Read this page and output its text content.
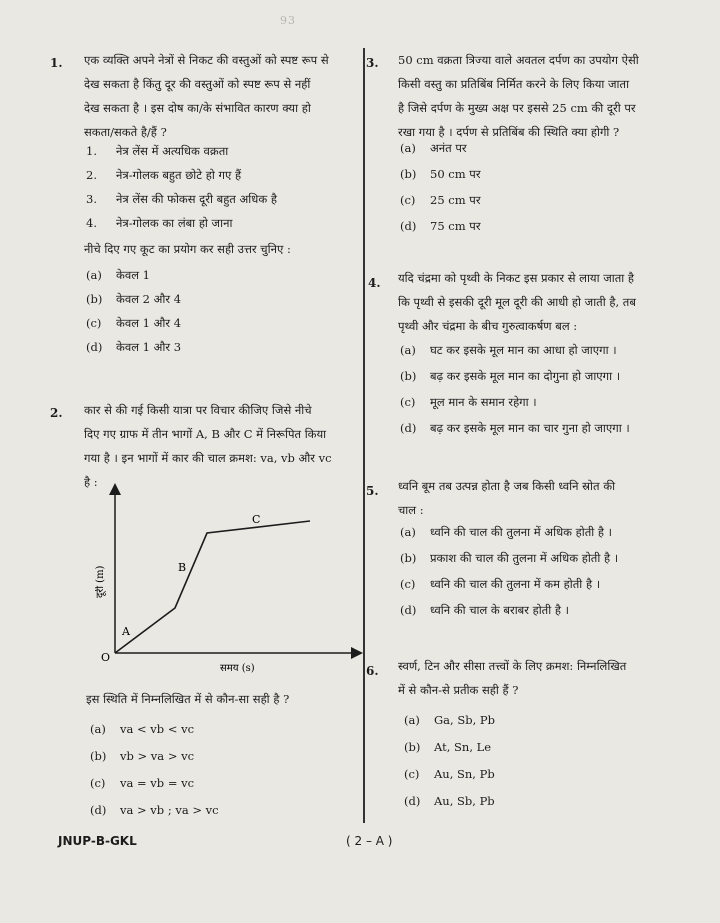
93
1. एक व्यक्ति अपने नेत्रों से निकट की वस्तुओं को स्पष्ट रूप से
देख सकता है किंतु दूर की वस्तुओं को स्पष्ट रूप से नहीं
देख सकता है । इस दोष का/के संभावित कारण क्या हो
सकता/सकते है/हैं ?
1. नेत्र लेंस में अत्यधिक वक्रता
2. नेत्र-गोलक बहुत छोटे हो गए हैं
3. नेत्र लेंस की फोकस दूरी बहुत अधिक है
4. नेत्र-गोलक का लंबा हो जाना
नीचे दिए गए कूट का प्रयोग कर सही उत्तर चुनिए :
(a) केवल 1
(b) केवल 2 और 4
(c) केवल 1 और 4
(d) केवल 1 और 3
2. कार से की गई किसी यात्रा पर विचार कीजिए जिसे नीचे
दिए गए ग्राफ में तीन भागों A, B और C में निरूपित किया
गया है । इन भागों में कार की चाल क्रमश: va, vb और vc
है :
O
A
B
C
समय (s)
दूरी (m)
इस स्थिति में निम्नलिखित में से कौन-सा सही है ?
(a) va < vb < vc
(b) vb > va > vc
(c) va = vb = vc
(d) va > vb ; va > vc
3. 50 cm वक्रता त्रिज्या वाले अवतल दर्पण का उपयोग ऐसी
किसी वस्तु का प्रतिबिंब निर्मित करने के लिए किया जाता
है जिसे दर्पण के मुख्य अक्ष पर इससे 25 cm की दूरी पर
रखा गया है । दर्पण से प्रतिबिंब की स्थिति क्या होगी ?
(a) अनंत पर
(b) 50 cm पर
(c) 25 cm पर
(d) 75 cm पर
4. यदि चंद्रमा को पृथ्वी के निकट इस प्रकार से लाया जाता है
कि पृथ्वी से इसकी दूरी मूल दूरी की आधी हो जाती है, तब
पृथ्वी और चंद्रमा के बीच गुरुत्वाकर्षण बल :
(a) घट कर इसके मूल मान का आधा हो जाएगा ।
(b) बढ़ कर इसके मूल मान का दोगुना हो जाएगा ।
(c) मूल मान के समान रहेगा ।
(d) बढ़ कर इसके मूल मान का चार गुना हो जाएगा ।
5. ध्वनि बूम तब उत्पन्न होता है जब किसी ध्वनि स्रोत की
चाल :
(a) ध्वनि की चाल की तुलना में अधिक होती है ।
(b) प्रकाश की चाल की तुलना में अधिक होती है ।
(c) ध्वनि की चाल की तुलना में कम होती है ।
(d) ध्वनि की चाल के बराबर होती है ।
6. स्वर्ण, टिन और सीसा तत्त्वों के लिए क्रमश: निम्नलिखित
में से कौन-से प्रतीक सही हैं ?
(a) Ga, Sb, Pb
(b) At, Sn, Le
(c) Au, Sn, Pb
(d) Au, Sb, Pb
JNUP-B-GKL	( 2 – A )
